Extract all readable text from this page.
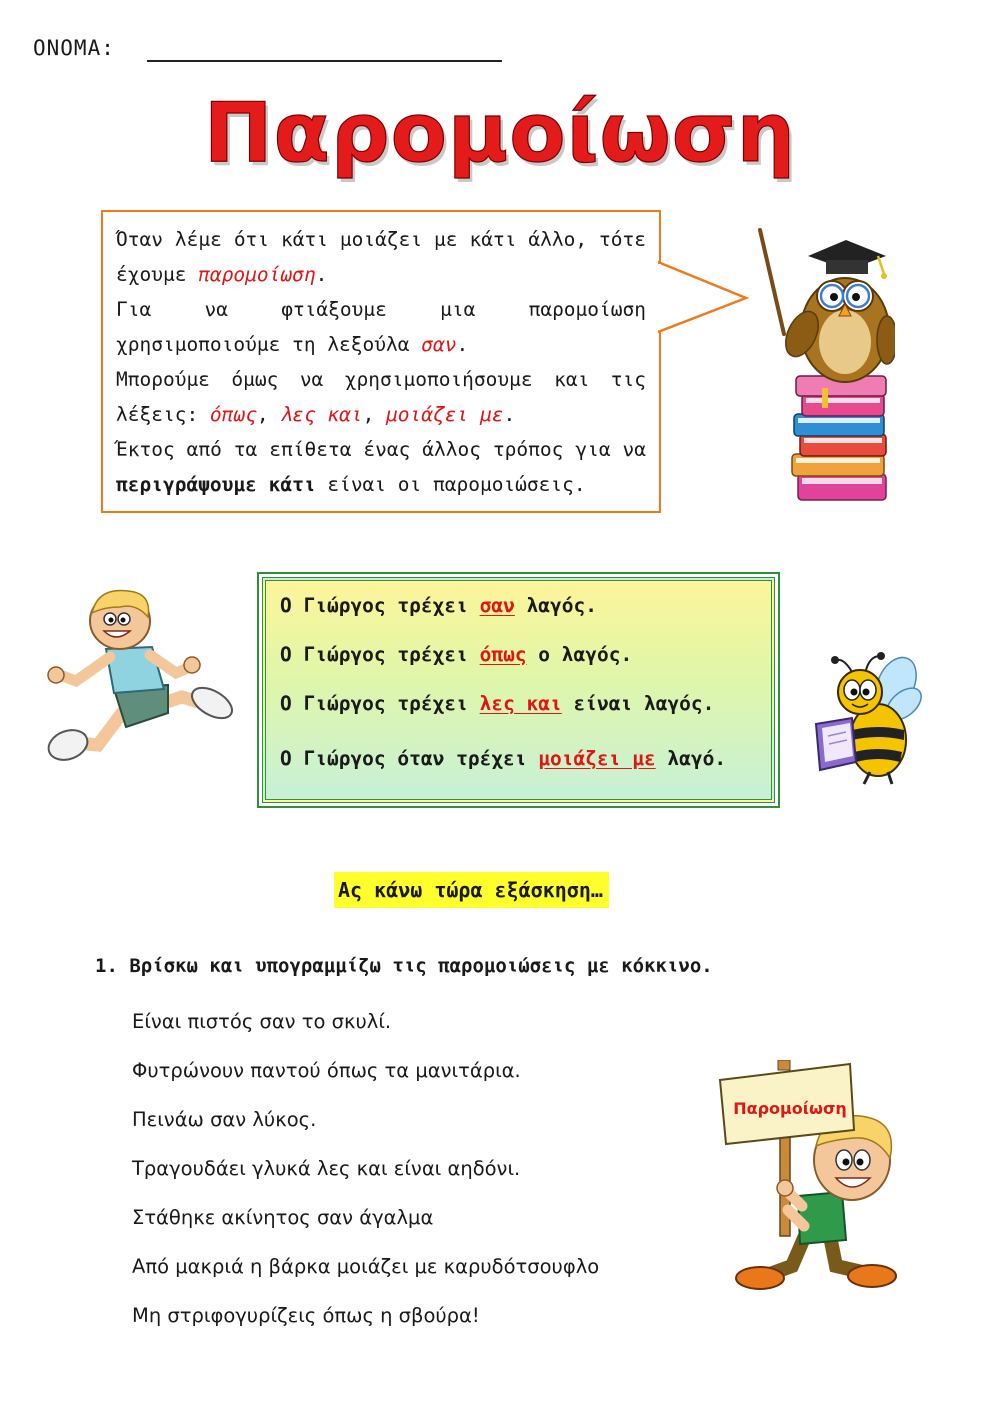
ΟΝΟΜΑ:
Παρομοίωση

Όταν λέμε ότι κάτι μοιάζει με κάτι άλλο, τότε έχουμε παρομοίωση.

Για να φτιάξουμε μια παρομοίωση χρησιμοποιούμε τη λεξούλα σαν.

Μπορούμε όμως να χρησιμοποιήσουμε και τις λέξεις: όπως, λες και, μοιάζει με.

Έκτος από τα επίθετα ένας άλλος τρόπος για να περιγράψουμε κάτι είναι οι παρομοιώσεις.

Ο Γιώργος τρέχει σαν λαγός.
Ο Γιώργος τρέχει όπως ο λαγός.
Ο Γιώργος τρέχει λες και είναι λαγός.
Ο Γιώργος όταν τρέχει μοιάζει με λαγό.
Ας κάνω τώρα εξάσκηση…
1. Βρίσκω και υπογραμμίζω τις παρομοιώσεις με κόκκινο.
Είναι πιστός σαν το σκυλί.
Φυτρώνουν παντού όπως τα μανιτάρια.
Πεινάω σαν λύκος.
Τραγουδάει γλυκά λες και είναι αηδόνι.
Στάθηκε ακίνητος σαν άγαλμα
Από μακριά η βάρκα μοιάζει με καρυδότσουφλο
Μη στριφογυρίζεις όπως η σβούρα!
Παρομοίωση
